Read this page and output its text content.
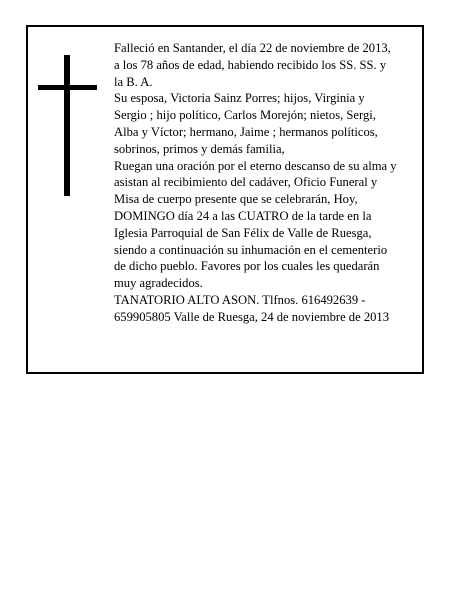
Falleció en Santander, el día 22 de noviembre de 2013,

a los 78 años de edad, habiendo recibido los SS. SS. y

la B. A.

Su esposa, Victoria Sainz Porres; hijos, Virginia y

Sergio ; hijo político, Carlos Morejón; nietos, Sergi,

Alba y Víctor; hermano, Jaime ; hermanos políticos,

sobrinos, primos y demás familia,

Ruegan una oración por el eterno descanso de su alma y

asistan al recibimiento del cadáver, Oficio Funeral y

Misa de cuerpo presente que se celebrarán, Hoy,

DOMINGO día 24 a las CUATRO de la tarde en la

Iglesia Parroquial de San Félix de Valle de Ruesga,

siendo a continuación su inhumación en el cementerio

de dicho pueblo. Favores por los cuales les quedarán

muy agradecidos.

TANATORIO ALTO ASON. Tlfnos. 616492639 -

659905805 Valle de Ruesga, 24 de noviembre de 2013
